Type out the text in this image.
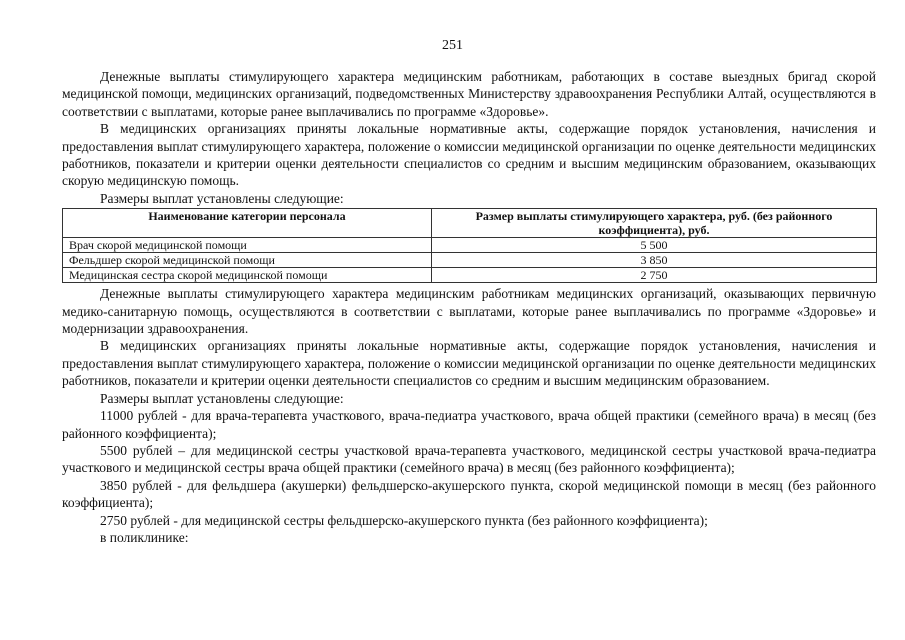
251

Денежные выплаты стимулирующего характера медицинским работникам, работающих в составе выездных бригад скорой медицинской помощи, медицинских организаций, подведомственных Министерству здравоохранения Республики Алтай, осуществляются в соответствии с выплатами, которые ранее выплачивались по программе «Здоровье».

В медицинских организациях приняты локальные нормативные акты, содержащие порядок установления, начисления и предоставления выплат стимулирующего характера, положение о комиссии медицинской организации по оценке деятельности медицинских работников, показатели и критерии оценки деятельности специалистов со средним и высшим медицинским образованием, оказывающих скорую медицинскую помощь.

Размеры выплат установлены следующие:

Наименование категории персонала	Размер выплаты стимулирующего характера, руб. (без районного коэффициента), руб.
Врач скорой медицинской помощи	5 500
Фельдшер скорой медицинской помощи	3 850
Медицинская сестра скорой медицинской помощи	2 750

Денежные выплаты стимулирующего характера медицинским работникам медицинских организаций, оказывающих первичную медико-санитарную помощь, осуществляются в соответствии с выплатами, которые ранее выплачивались по программе «Здоровье» и модернизации здравоохранения.

В медицинских организациях приняты локальные нормативные акты, содержащие порядок установления, начисления и предоставления выплат стимулирующего характера, положение о комиссии медицинской организации по оценке деятельности медицинских работников, показатели и критерии оценки деятельности специалистов со средним и высшим медицинским образованием.

Размеры выплат установлены следующие:

11000 рублей - для врача-терапевта участкового, врача-педиатра участкового, врача общей практики (семейного врача) в месяц (без районного коэффициента);

5500 рублей – для медицинской сестры участковой врача-терапевта участкового, медицинской сестры участковой врача-педиатра участкового и медицинской сестры врача общей практики (семейного врача) в месяц (без районного коэффициента);

3850 рублей - для фельдшера (акушерки) фельдшерско-акушерского пункта, скорой медицинской помощи в месяц (без районного коэффициента);

2750 рублей - для медицинской сестры фельдшерско-акушерского пункта (без районного коэффициента);

в поликлинике:
